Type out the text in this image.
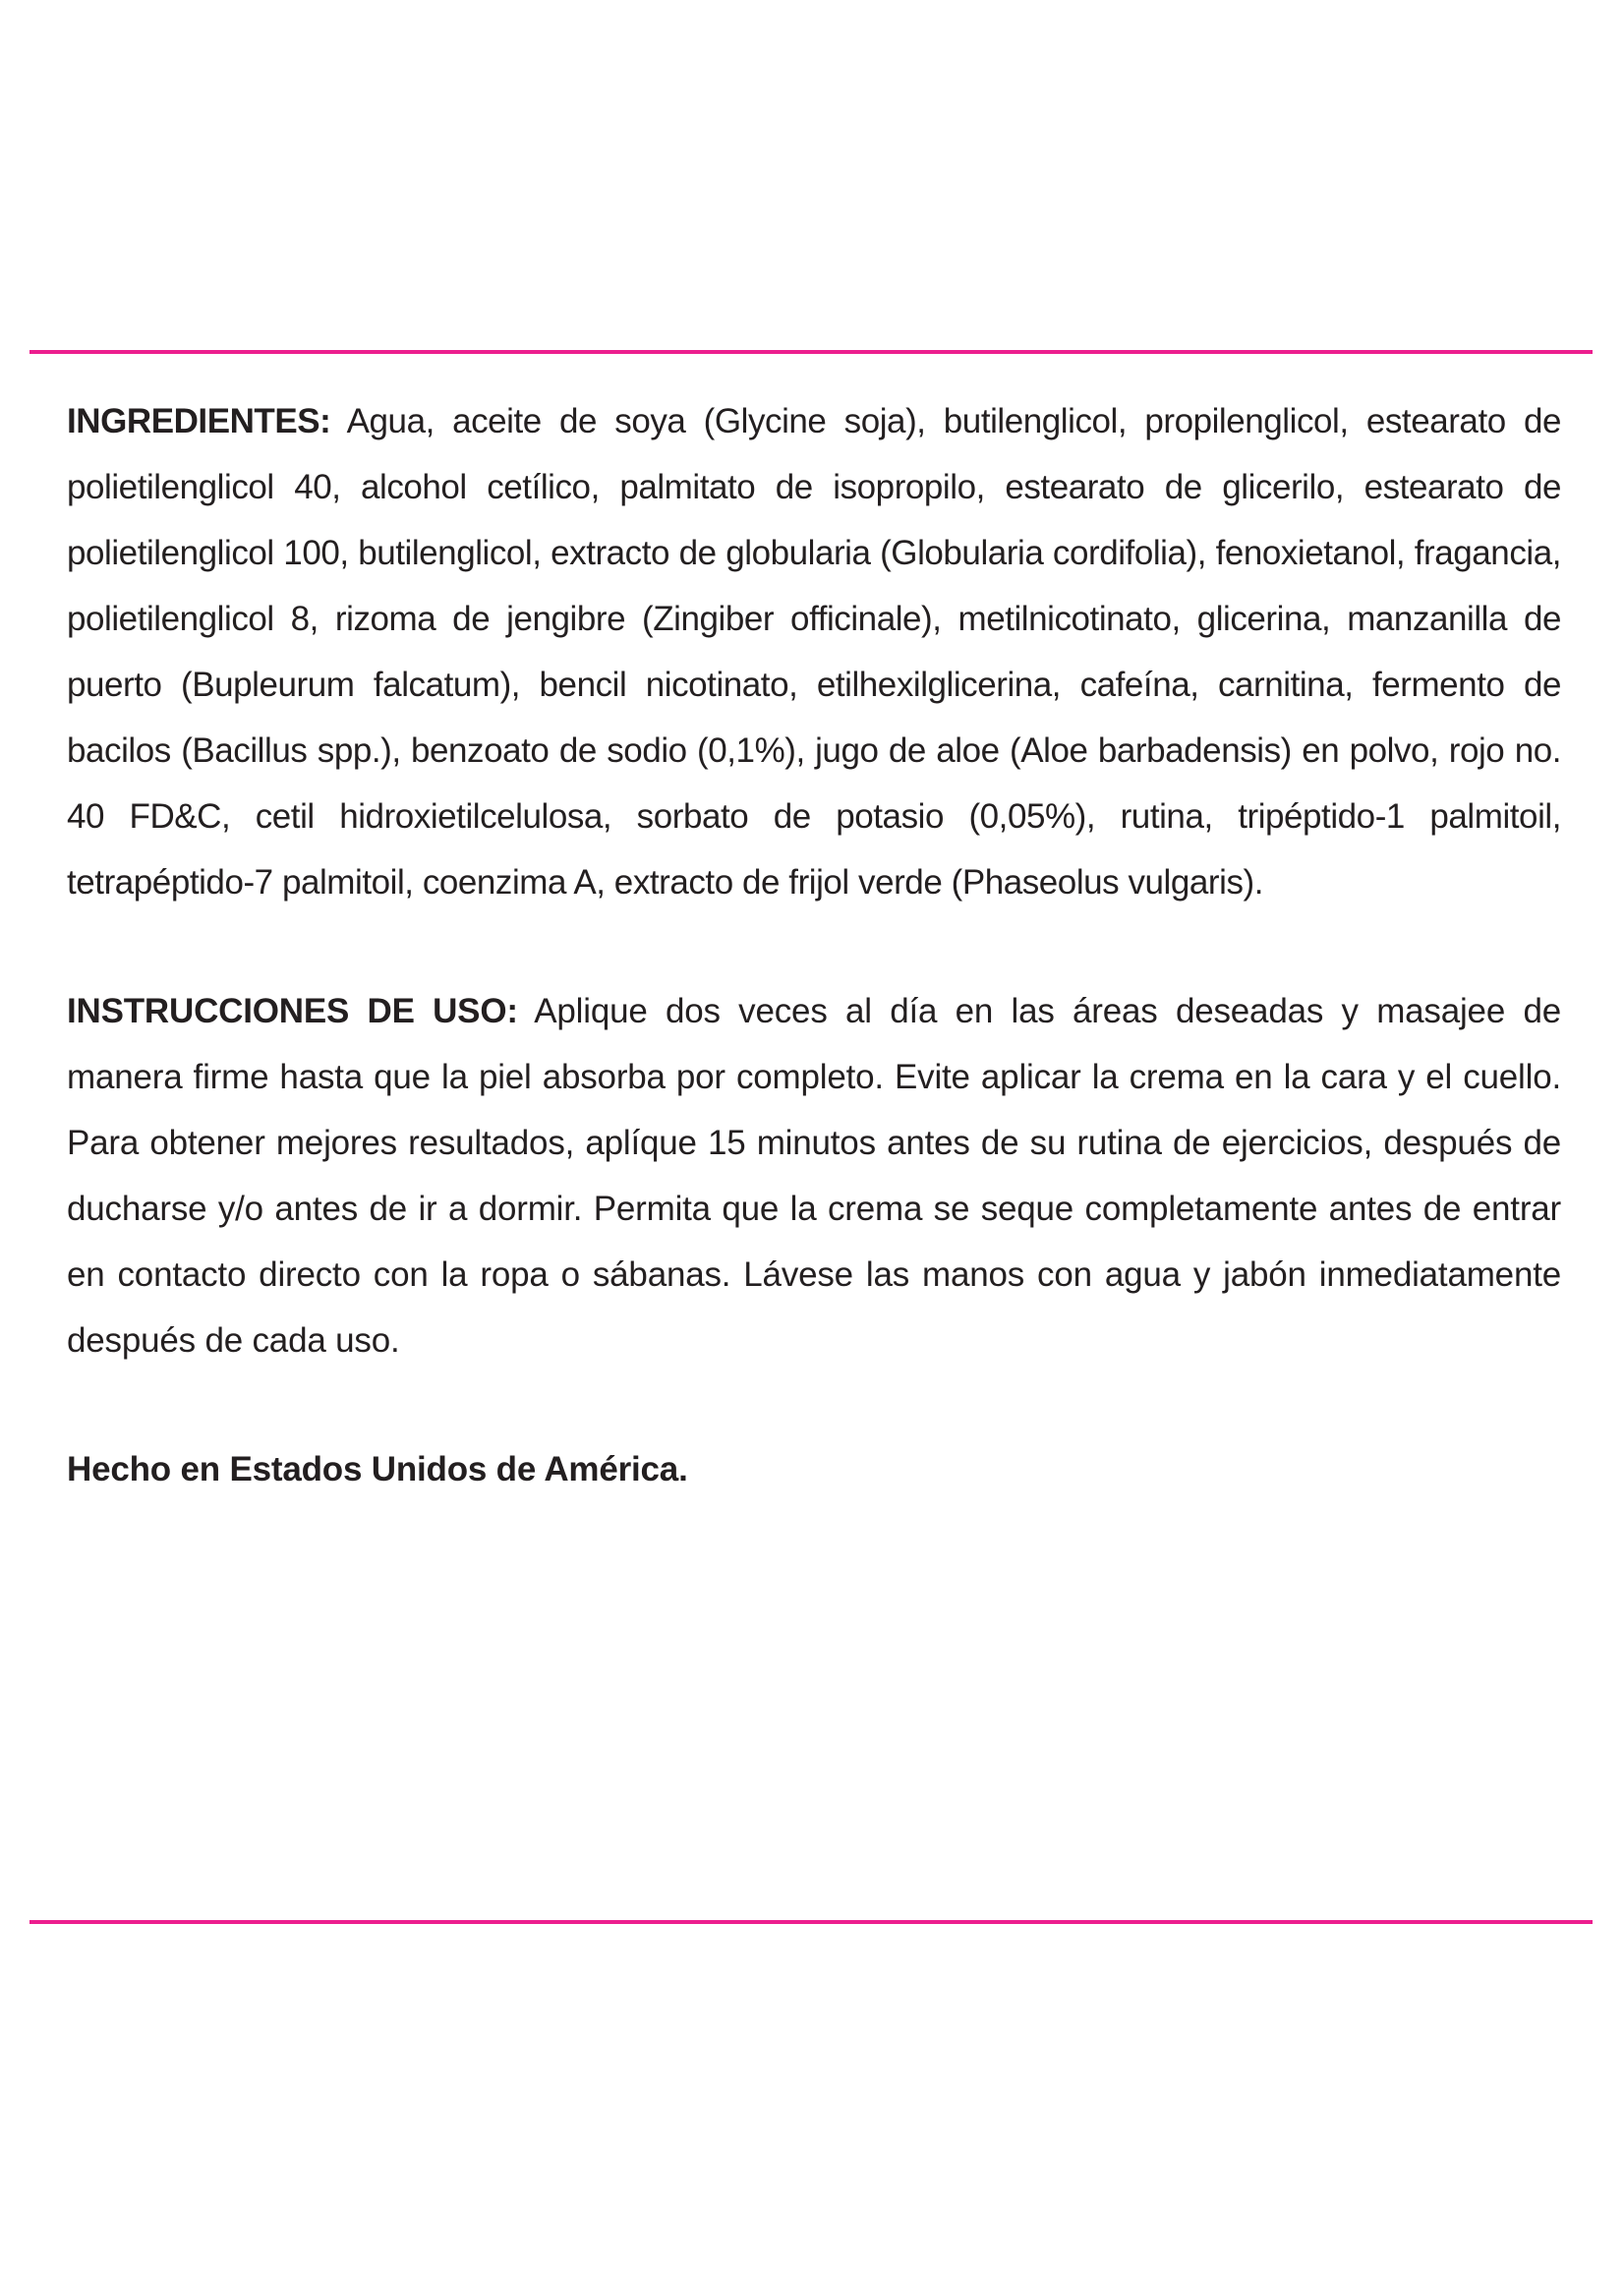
INGREDIENTES: Agua, aceite de soya (Glycine soja), butilenglicol, propilenglicol, estearato de polietilenglicol 40, alcohol cetílico, palmitato de isopropilo, estearato de glicerilo, estearato de polietilenglicol 100, butilenglicol, extracto de globularia (Globularia cordifolia), fenoxietanol, fragancia, polietilenglicol 8, rizoma de jengibre (Zingiber officinale), metilnicotinato, glicerina, manzanilla de puerto (Bupleurum falcatum), bencil nicotinato, etilhexilglicerina, cafeína, carnitina, fermento de bacilos (Bacillus spp.), benzoato de sodio (0,1%), jugo de aloe (Aloe barbadensis) en polvo, rojo no. 40 FD&C, cetil hidroxietilcelulosa, sorbato de potasio (0,05%), rutina, tripéptido-1 palmitoil, tetrapéptido-7 palmitoil, coenzima A, extracto de frijol verde (Phaseolus vulgaris).

INSTRUCCIONES DE USO: Aplique dos veces al día en las áreas deseadas y masajee de manera firme hasta que la piel absorba por completo. Evite aplicar la crema en la cara y el cuello. Para obtener mejores resultados, aplíque 15 minutos antes de su rutina de ejercicios, después de ducharse y/o antes de ir a dormir. Permita que la crema se seque completamente antes de entrar en contacto directo con la ropa o sábanas. Lávese las manos con agua y jabón inmediatamente después de cada uso.

Hecho en Estados Unidos de América.
